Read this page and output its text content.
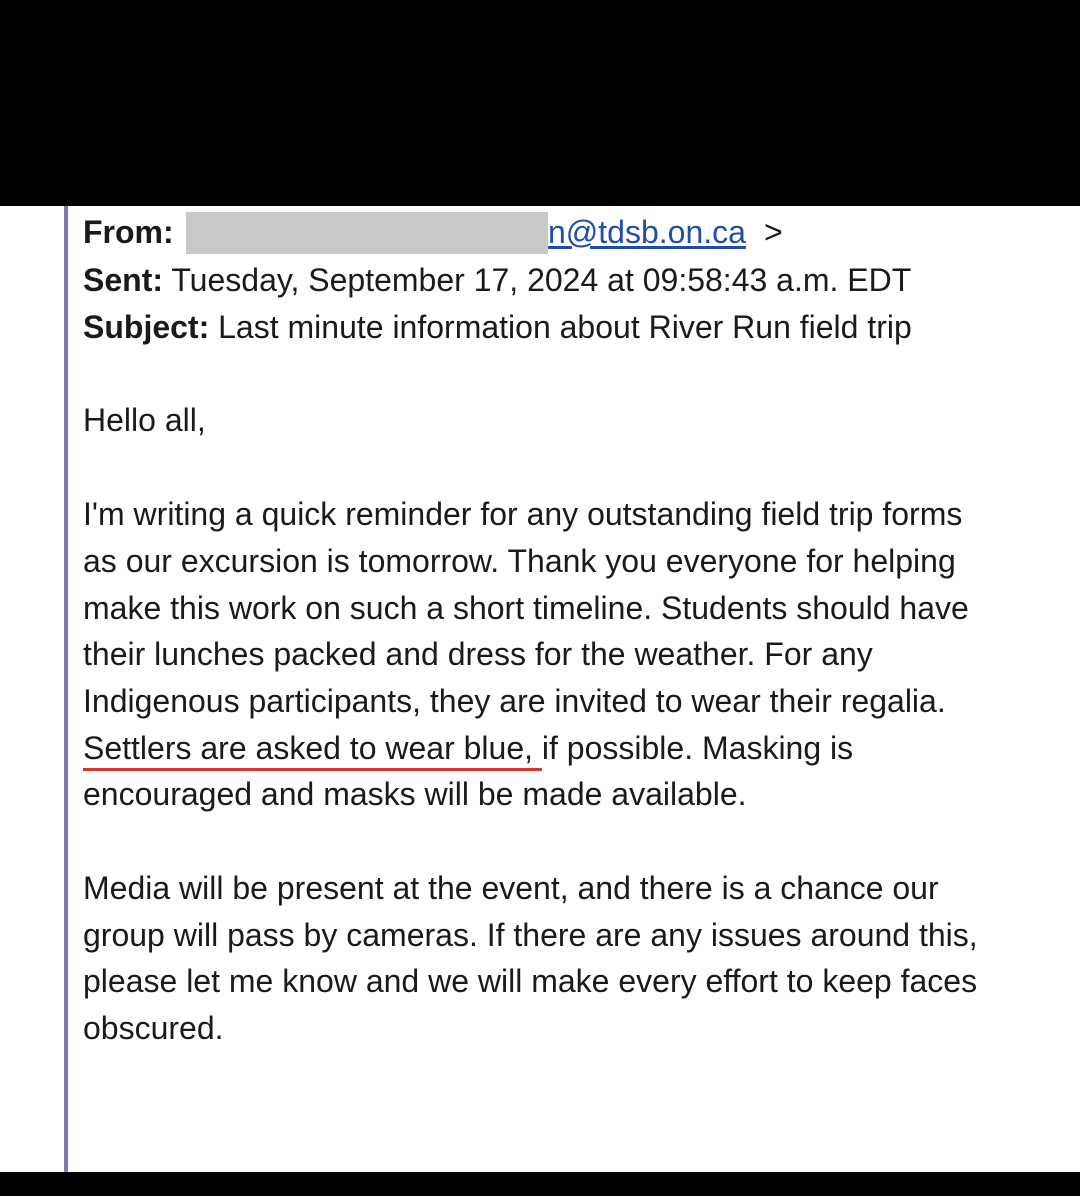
From:	n@tdsb.on.ca >
Sent: Tuesday, September 17, 2024 at 09:58:43 a.m. EDT
Subject: Last minute information about River Run field trip

Hello all,

I'm writing a quick reminder for any outstanding field trip forms as our excursion is tomorrow. Thank you everyone for helping make this work on such a short timeline. Students should have their lunches packed and dress for the weather. For any Indigenous participants, they are invited to wear their regalia. Settlers are asked to wear blue, if possible. Masking is encouraged and masks will be made available.

Media will be present at the event, and there is a chance our group will pass by cameras. If there are any issues around this, please let me know and we will make every effort to keep faces obscured.
